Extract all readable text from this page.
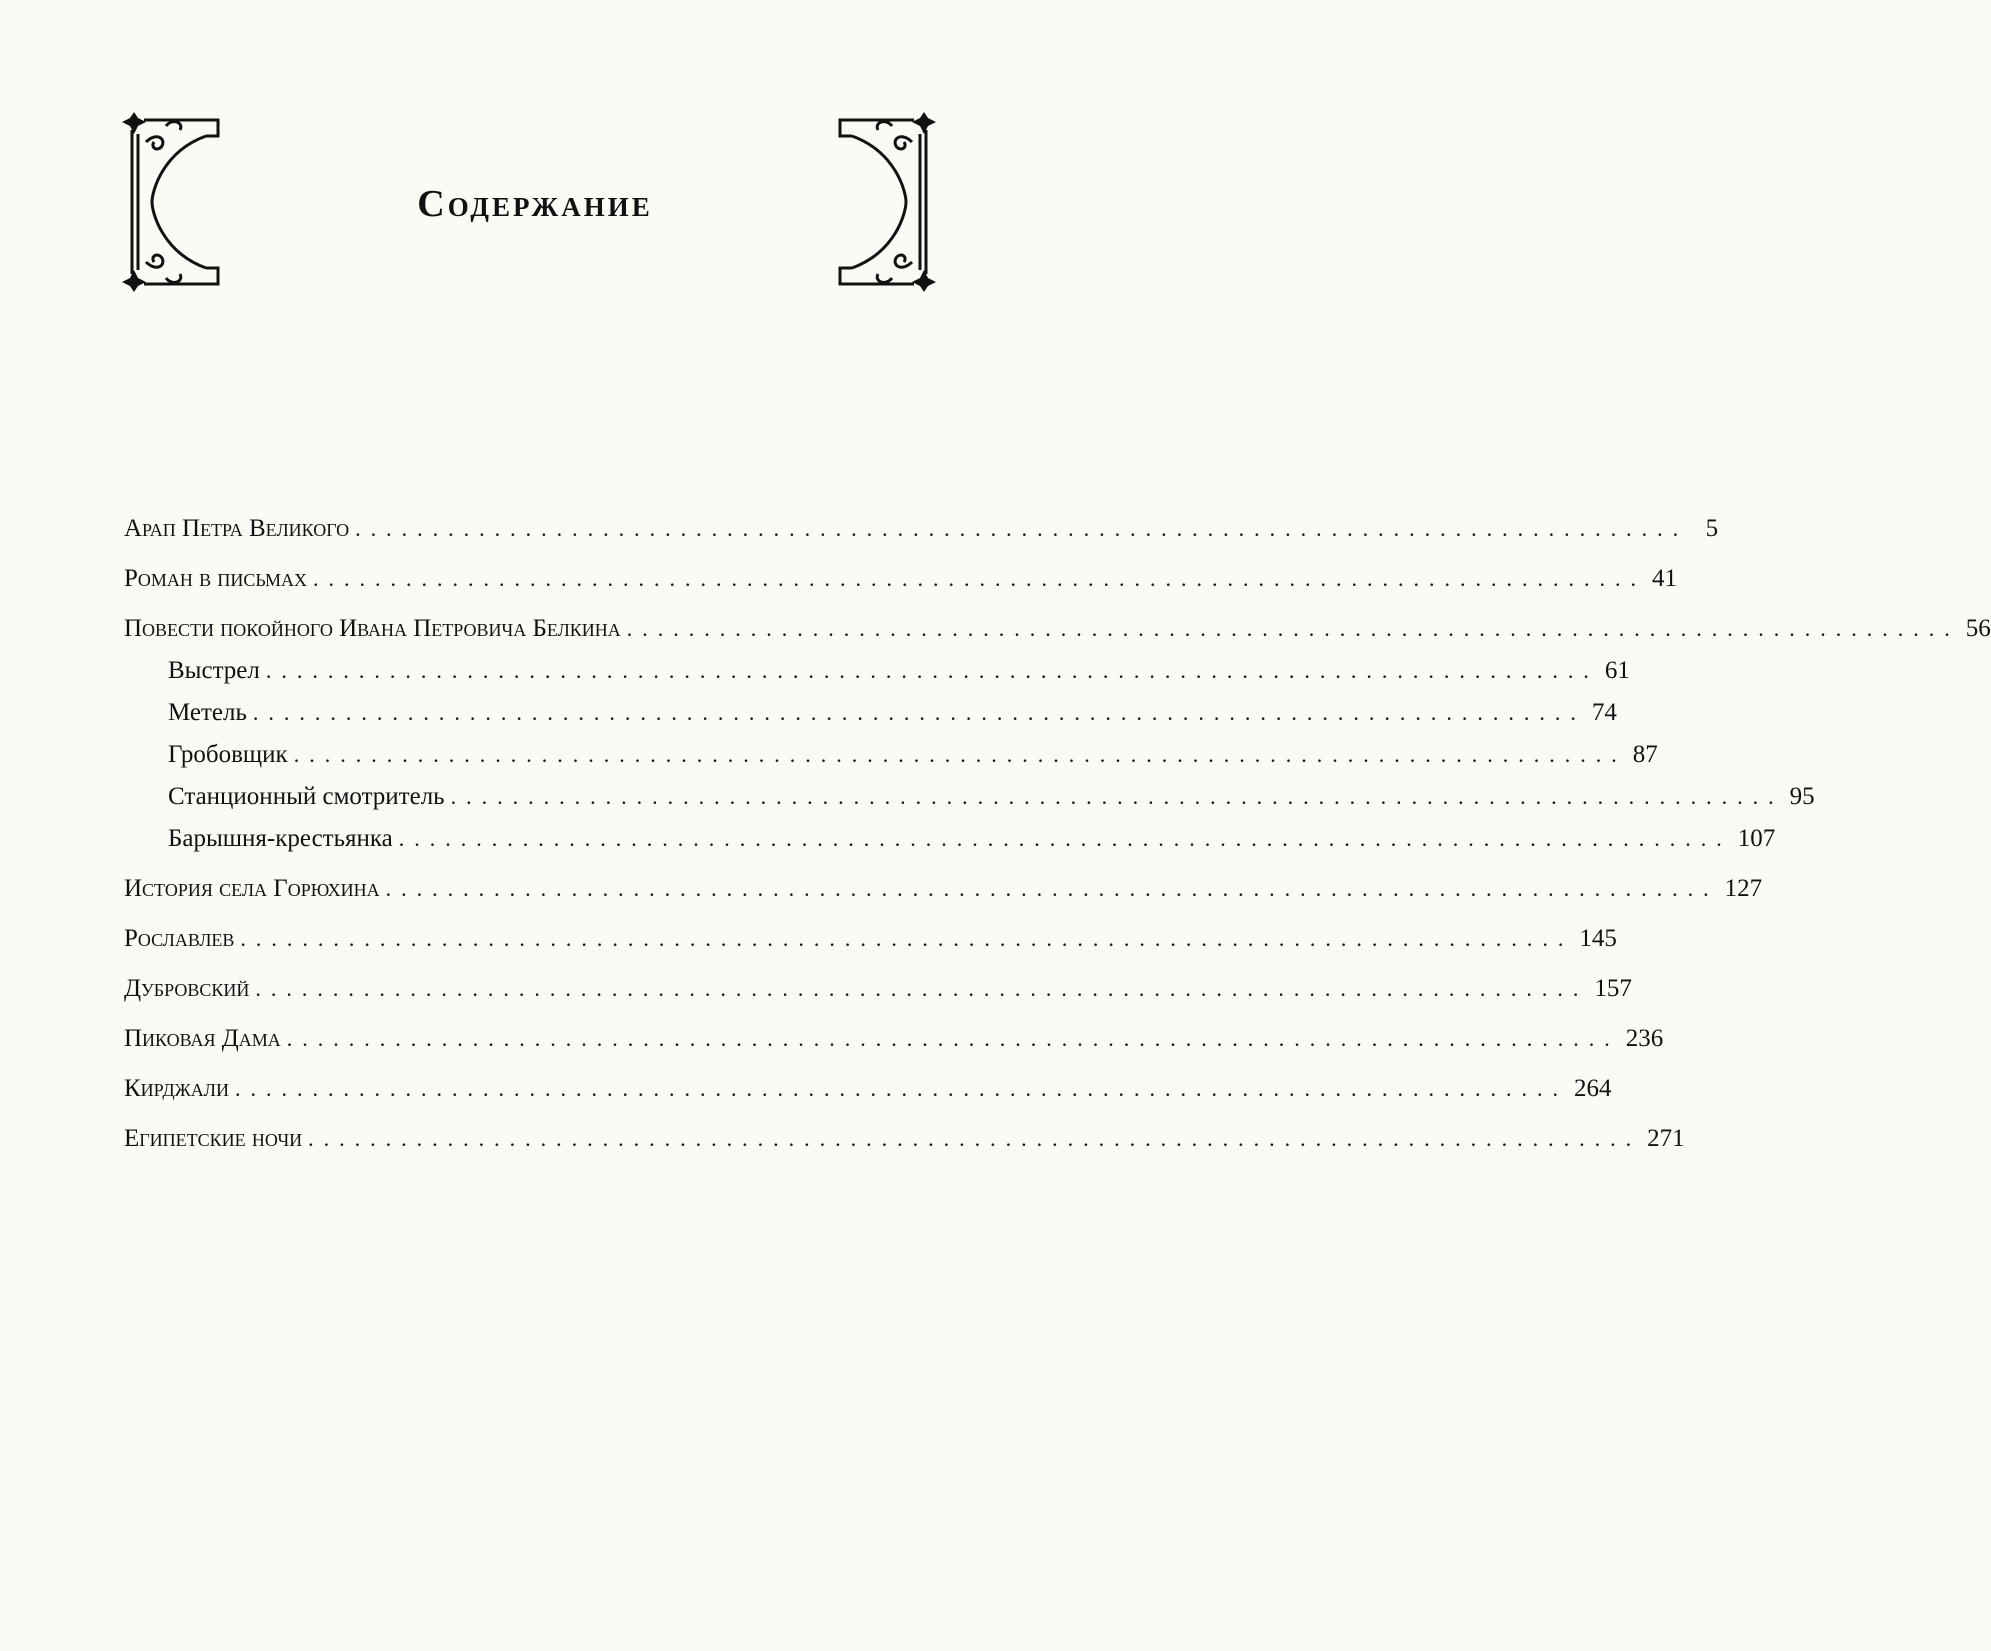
Содержание
Арап Петра Великого ...................................................................................... 5
Роман в письмах ...................................................................................... 41
Повести покойного Ивана Петровича Белкина ...................................................................................... 56
Выстрел ...................................................................................... 61
Метель ...................................................................................... 74
Гробовщик ...................................................................................... 87
Станционный смотритель ...................................................................................... 95
Барышня-крестьянка ...................................................................................... 107
История села Горюхина ...................................................................................... 127
Рославлев ...................................................................................... 145
Дубровский ...................................................................................... 157
Пиковая Дама ...................................................................................... 236
Кирджали ...................................................................................... 264
Египетские ночи ...................................................................................... 271
